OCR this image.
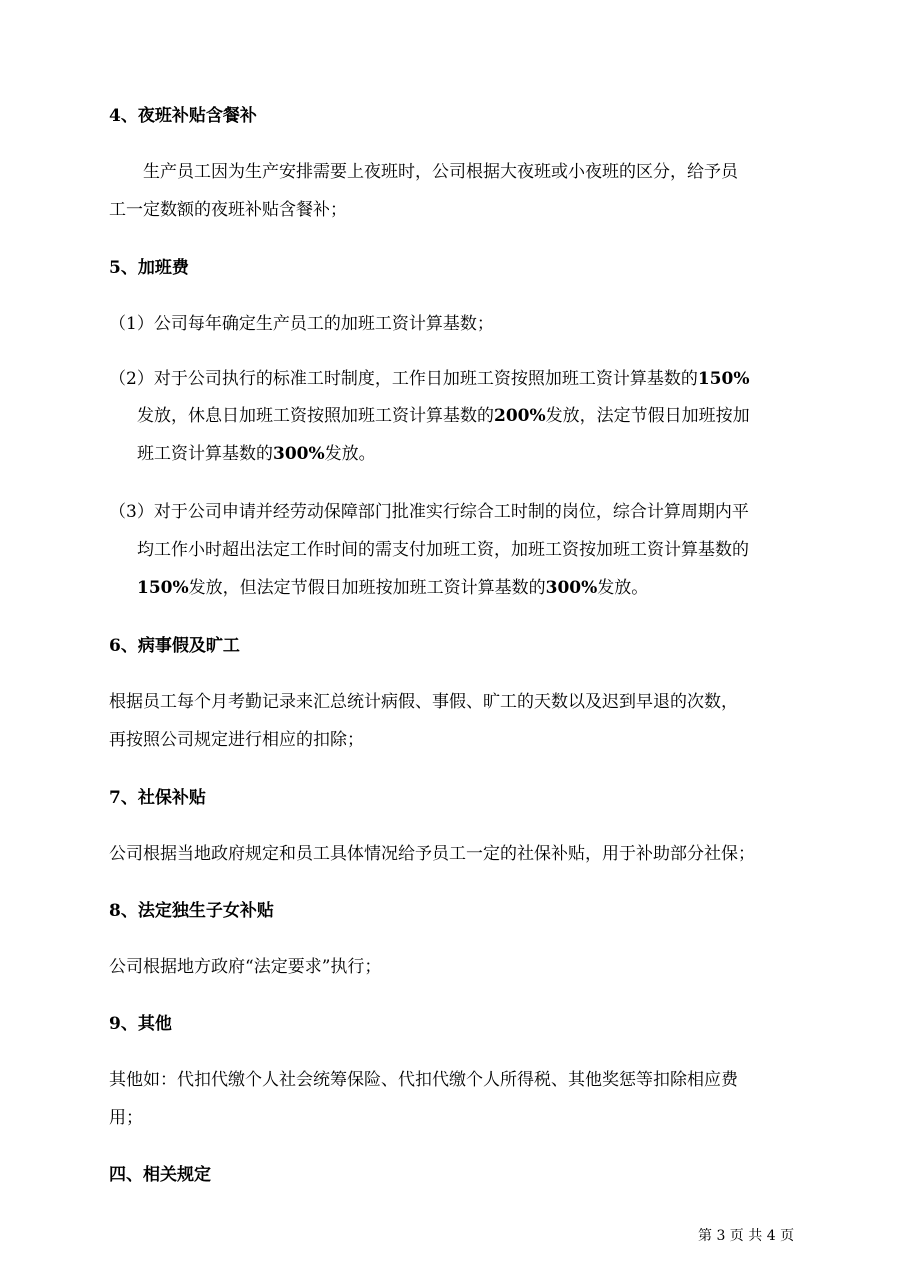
4、夜班补贴含餐补
生产员工因为生产安排需要上夜班时，公司根据大夜班或小夜班的区分，给予员
工一定数额的夜班补贴含餐补；
5、加班费
（1）公司每年确定生产员工的加班工资计算基数；
（2）对于公司执行的标准工时制度，工作日加班工资按照加班工资计算基数的150%
发放，休息日加班工资按照加班工资计算基数的200%发放，法定节假日加班按加
班工资计算基数的300%发放。
（3）对于公司申请并经劳动保障部门批准实行综合工时制的岗位，综合计算周期内平
均工作小时超出法定工作时间的需支付加班工资，加班工资按加班工资计算基数的
150%发放，但法定节假日加班按加班工资计算基数的300%发放。
6、病事假及旷工
根据员工每个月考勤记录来汇总统计病假、事假、旷工的天数以及迟到早退的次数，
再按照公司规定进行相应的扣除；
7、社保补贴
公司根据当地政府规定和员工具体情况给予员工一定的社保补贴，用于补助部分社保；
8、法定独生子女补贴
公司根据地方政府“法定要求”执行；
9、其他
其他如：代扣代缴个人社会统筹保险、代扣代缴个人所得税、其他奖惩等扣除相应费
用；
四、相关规定
第 3 页 共 4 页
